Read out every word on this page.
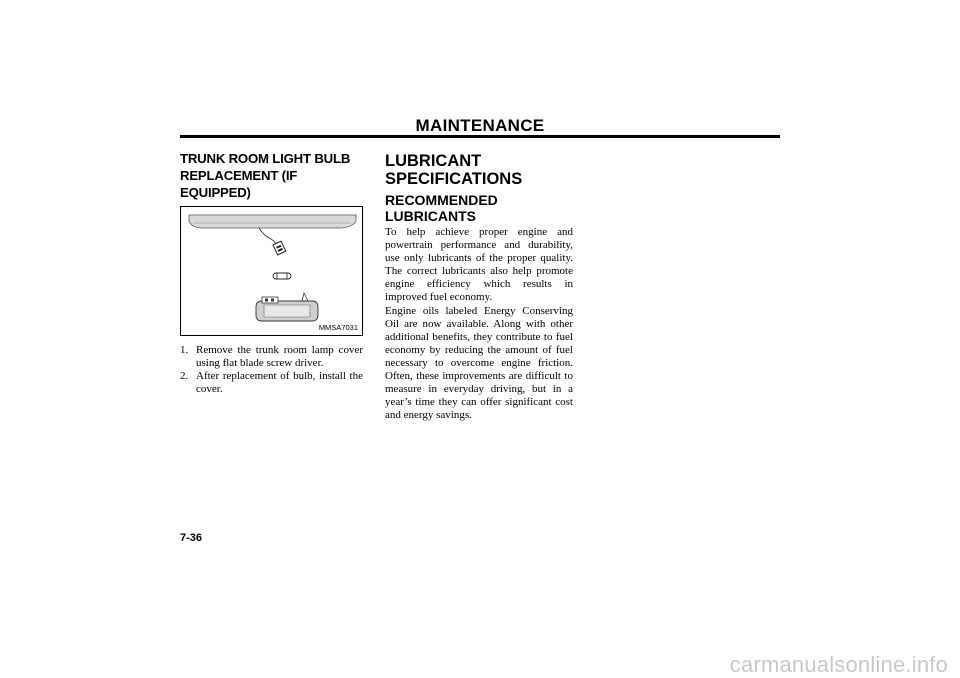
MAINTENANCE
TRUNK ROOM LIGHT BULB
REPLACEMENT (IF EQUIPPED)
MMSA7031
1. Remove the trunk room lamp cover using flat blade screw driver.
2. After replacement of bulb, install the cover.
LUBRICANT
SPECIFICATIONS
RECOMMENDED
LUBRICANTS

To help achieve proper engine and powertrain performance and durability, use only lubricants of the proper quality. The correct lubricants also help promote engine efficiency which results in improved fuel economy.

Engine oils labeled Energy Conserving Oil are now available. Along with other additional benefits, they contribute to fuel economy by reducing the amount of fuel necessary to overcome engine friction. Often, these improvements are difficult to measure in everyday driving, but in a year’s time they can offer significant cost and energy savings.

7-36
carmanualsonline.info
